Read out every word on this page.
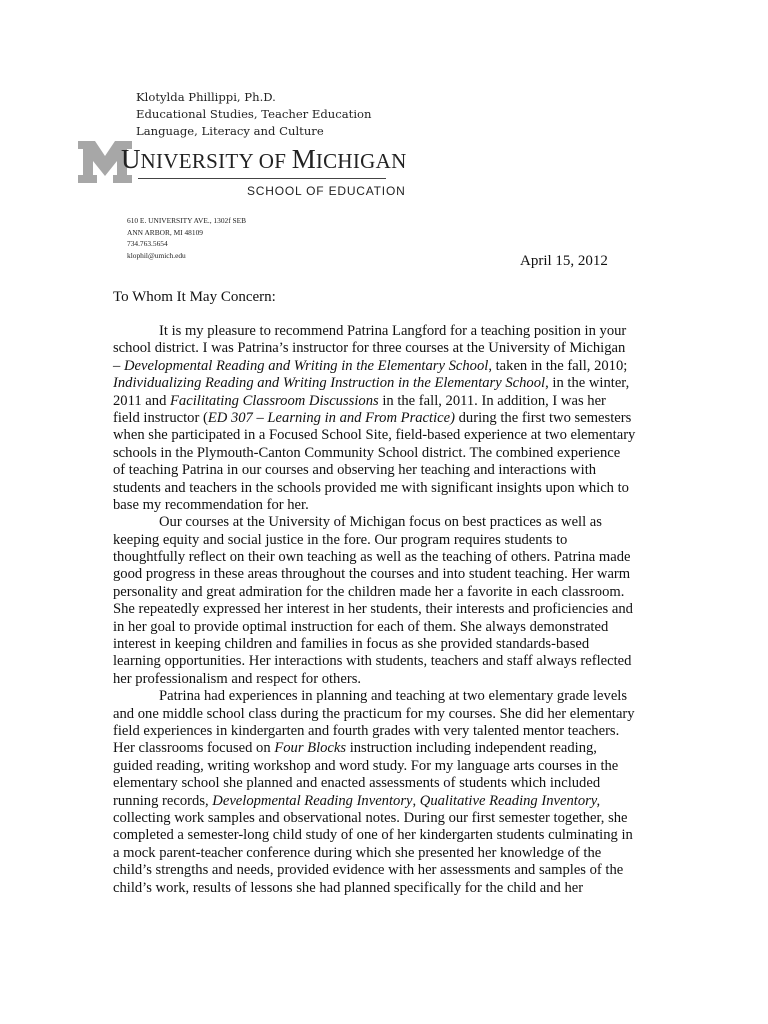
Klotylda Phillippi, Ph.D.
Educational Studies, Teacher Education
Language, Literacy and Culture
UNIVERSITY OF MICHIGAN
SCHOOL OF EDUCATION
610 E. UNIVERSITY AVE., 1302f SEB
ANN ARBOR, MI 48109
734.763.5654
klophil@umich.edu	April 15, 2012
To Whom It May Concern:
It is my pleasure to recommend Patrina Langford for a teaching position in your
school district. I was Patrina’s instructor for three courses at the University of Michigan
– Developmental Reading and Writing in the Elementary School, taken in the fall, 2010;
Individualizing Reading and Writing Instruction in the Elementary School, in the winter,
2011 and Facilitating Classroom Discussions in the fall, 2011. In addition, I was her
field instructor (ED 307 – Learning in and From Practice) during the first two semesters
when she participated in a Focused School Site, field-based experience at two elementary
schools in the Plymouth-Canton Community School district. The combined experience
of teaching Patrina in our courses and observing her teaching and interactions with
students and teachers in the schools provided me with significant insights upon which to
base my recommendation for her.
Our courses at the University of Michigan focus on best practices as well as
keeping equity and social justice in the fore. Our program requires students to
thoughtfully reflect on their own teaching as well as the teaching of others. Patrina made
good progress in these areas throughout the courses and into student teaching. Her warm
personality and great admiration for the children made her a favorite in each classroom.
She repeatedly expressed her interest in her students, their interests and proficiencies and
in her goal to provide optimal instruction for each of them. She always demonstrated
interest in keeping children and families in focus as she provided standards-based
learning opportunities. Her interactions with students, teachers and staff always reflected
her professionalism and respect for others.
Patrina had experiences in planning and teaching at two elementary grade levels
and one middle school class during the practicum for my courses. She did her elementary
field experiences in kindergarten and fourth grades with very talented mentor teachers.
Her classrooms focused on Four Blocks instruction including independent reading,
guided reading, writing workshop and word study. For my language arts courses in the
elementary school she planned and enacted assessments of students which included
running records, Developmental Reading Inventory, Qualitative Reading Inventory,
collecting work samples and observational notes. During our first semester together, she
completed a semester-long child study of one of her kindergarten students culminating in
a mock parent-teacher conference during which she presented her knowledge of the
child’s strengths and needs, provided evidence with her assessments and samples of the
child’s work, results of lessons she had planned specifically for the child and her
